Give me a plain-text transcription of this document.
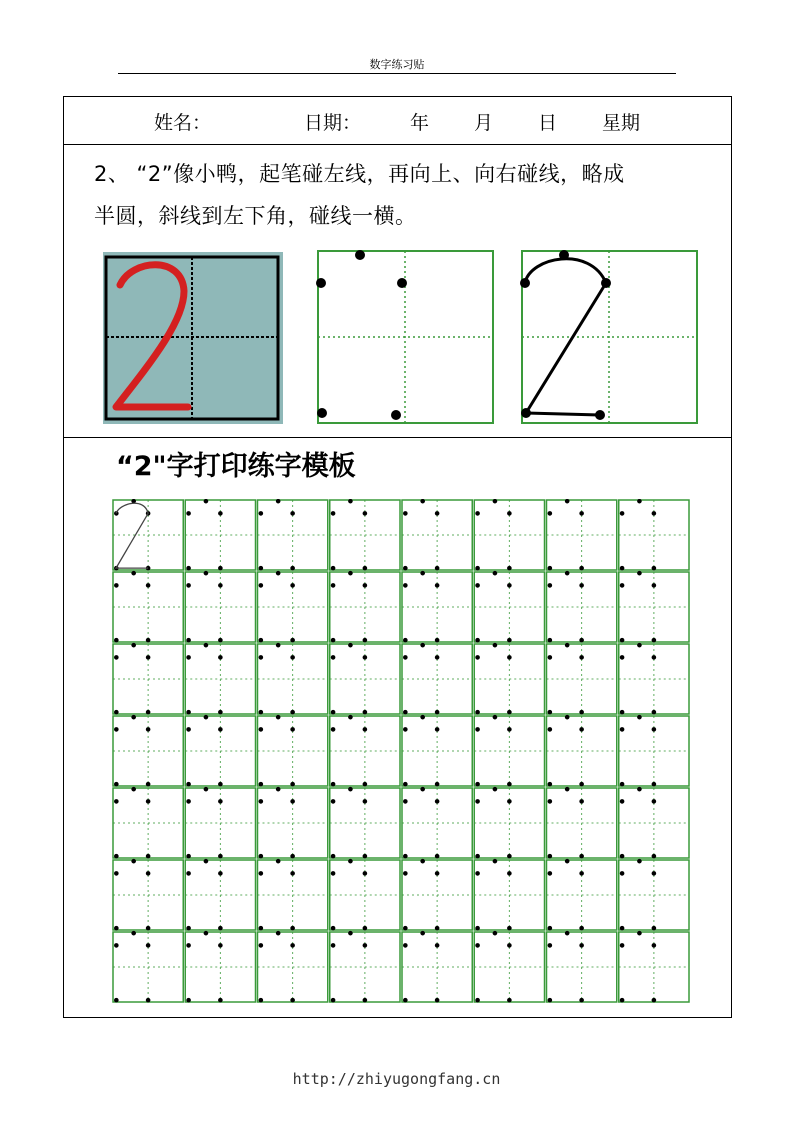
数字练习贴
姓名：	日期：	年 月 日 星期
2、 “2”像小鸭，起笔碰左线，再向上、向右碰线，略成
半圆，斜线到左下角，碰线一横。
“2"字打印练字模板
http://zhiyugongfang.cn
